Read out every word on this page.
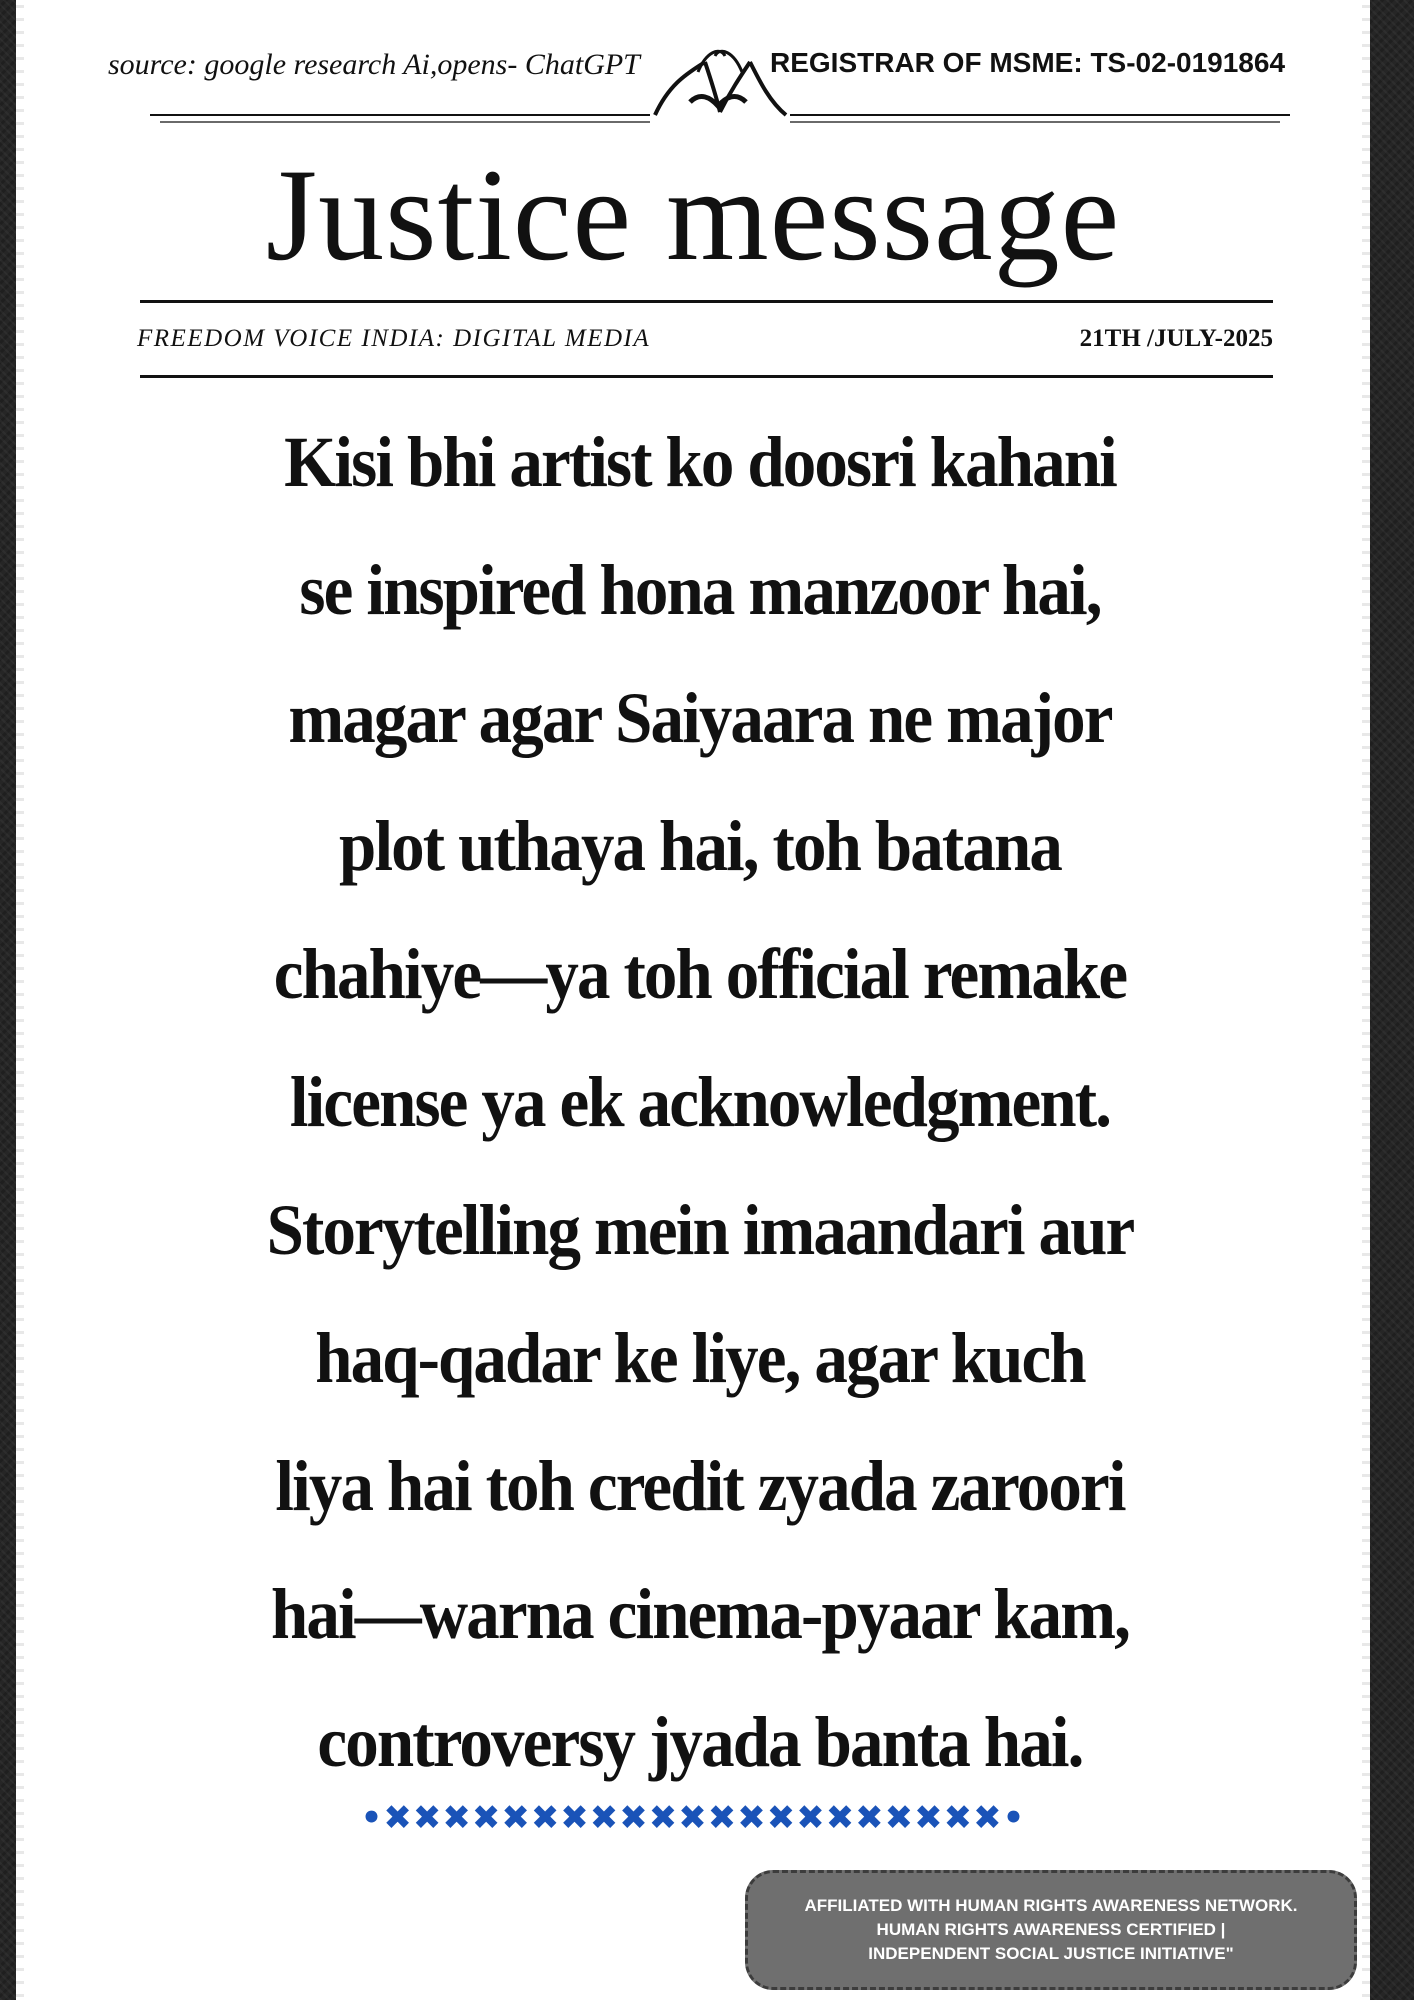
source: google research Ai,opens- ChatGPT	REGISTRAR OF MSME: TS-02-0191864
Justice message
FREEDOM VOICE INDIA: DIGITAL MEDIA	21TH /JULY-2025
Kisi bhi artist ko doosri kahani
se inspired hona manzoor hai,
magar agar Saiyaara ne major
plot uthaya hai, toh batana
chahiye—ya toh official remake
license ya ek acknowledgment.
Storytelling mein imaandari aur
haq-qadar ke liye, agar kuch
liya hai toh credit zyada zaroori
hai—warna cinema-pyaar kam,
controversy jyada banta hai.
•✖✖✖✖✖✖✖✖✖✖✖✖✖✖✖✖✖✖✖✖✖•
AFFILIATED WITH HUMAN RIGHTS AWARENESS NETWORK.
HUMAN RIGHTS AWARENESS CERTIFIED |
INDEPENDENT SOCIAL JUSTICE INITIATIVE"
